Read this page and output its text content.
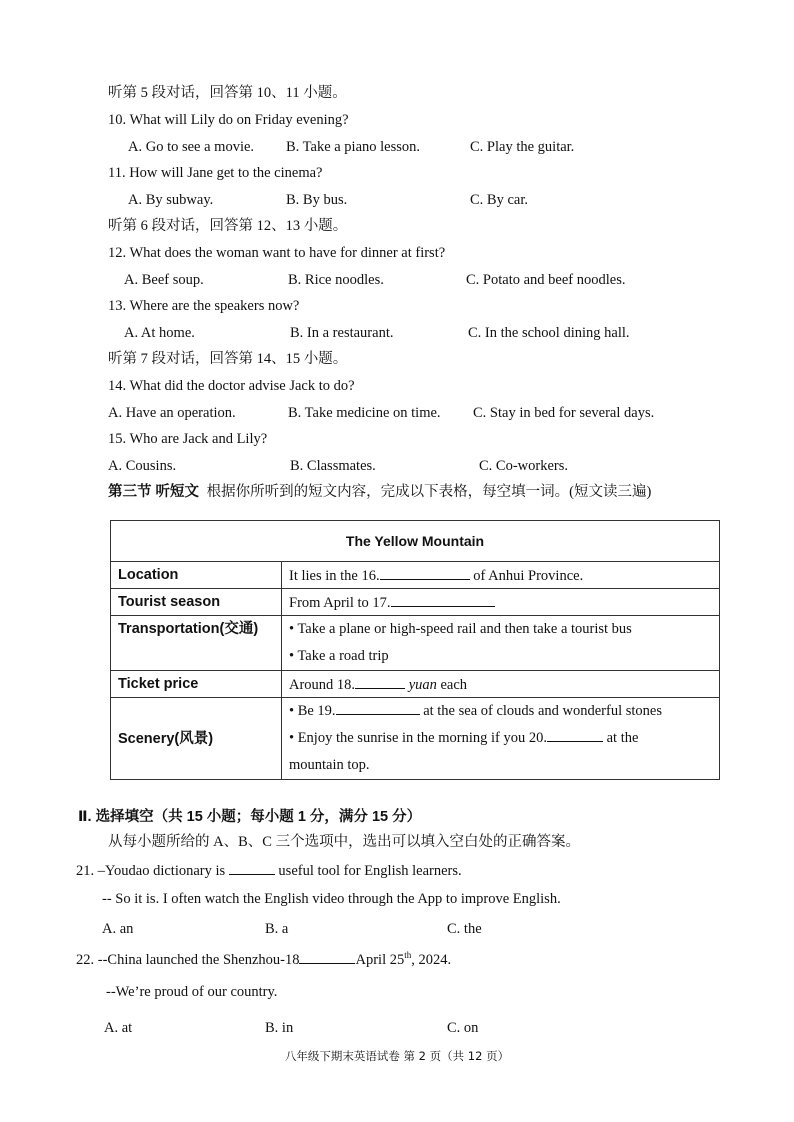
听第 5 段对话，回答第 10、11 小题。
10. What will Lily do on Friday evening?
A. Go to see a movie. B. Take a piano lesson.	C. Play the guitar.
11. How will Jane get to the cinema?
A. By subway.	B. By bus.	C. By car.
听第 6 段对话，回答第 12、13 小题。
12. What does the woman want to have for dinner at first?
A. Beef soup.	B. Rice noodles.	C. Potato and beef noodles.
13. Where are the speakers now?
A. At home.	B. In a restaurant.	C. In the school dining hall.
听第 7 段对话，回答第 14、15 小题。
14. What did the doctor advise Jack to do?
A. Have an operation.	B. Take medicine on time. C. Stay in bed for several days.
15. Who are Jack and Lily?
A. Cousins.	B. Classmates.	C. Co-workers.
第三节 听短文 根据你所听到的短文内容，完成以下表格，每空填一词。(短文读三遍)
The Yellow Mountain	
Location	It lies in the 16. of Anhui Province.
Tourist season	From April to 17.
Transportation(交通)	• Take a plane or high-speed rail and then take a tourist bus
• Take a road trip

Ticket price	Around 18. yuan each
Scenery(风景)	• Be 19. at the sea of clouds and wonderful stones
• Enjoy the sunrise in the morning if you 20. at the
mountain top.
Ⅱ. 选择填空（共 15 小题；每小题 1 分，满分 15 分）
从每小题所给的 A、B、C 三个选项中，选出可以填入空白处的正确答案。
21. –Youdao dictionary is	useful tool for English learners.
-- So it is. I often watch the English video through the App to improve English.
A. an	B. a	C. the
22. --China launched the Shenzhou-18	April 25th, 2024.
--We’re proud of our country.
A. at	B. in	C. on
八年级下期末英语试卷 第 2 页（共 12 页）
